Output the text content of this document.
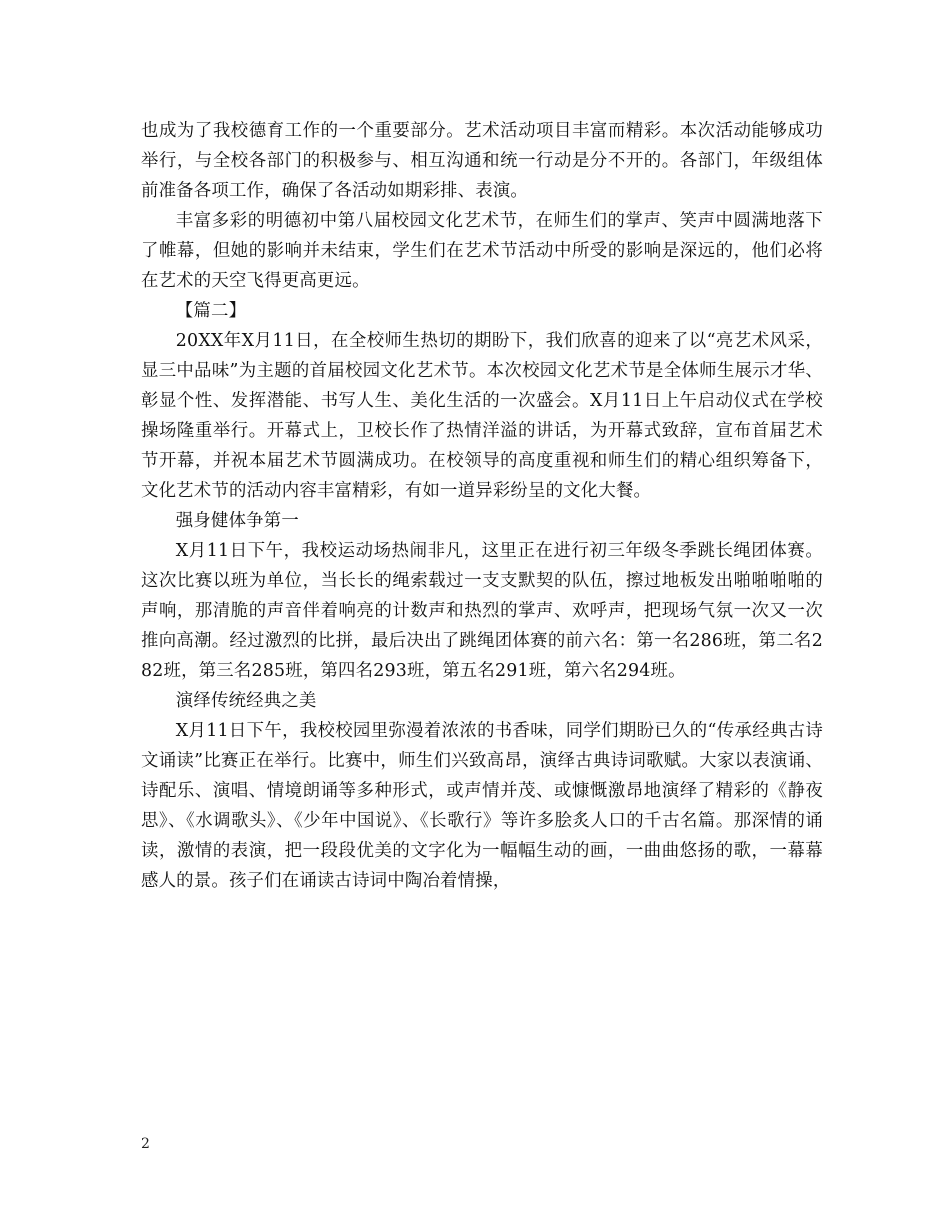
也成为了我校德育工作的一个重要部分。艺术活动项目丰富而精彩。本次活动能够成功举行，与全校各部门的积极参与、相互沟通和统一行动是分不开的。各部门，年级组体前准备各项工作，确保了各活动如期彩排、表演。

丰富多彩的明德初中第八届校园文化艺术节，在师生们的掌声、笑声中圆满地落下了帷幕，但她的影响并未结束，学生们在艺术节活动中所受的影响是深远的，他们必将在艺术的天空飞得更高更远。

【篇二】

20XX年X月11日，在全校师生热切的期盼下，我们欣喜的迎来了以“亮艺术风采，显三中品味”为主题的首届校园文化艺术节。本次校园文化艺术节是全体师生展示才华、彰显个性、发挥潜能、书写人生、美化生活的一次盛会。X月11日上午启动仪式在学校操场隆重举行。开幕式上，卫校长作了热情洋溢的讲话，为开幕式致辞，宣布首届艺术节开幕，并祝本届艺术节圆满成功。在校领导的高度重视和师生们的精心组织筹备下，文化艺术节的活动内容丰富精彩，有如一道异彩纷呈的文化大餐。

强身健体争第一

X月11日下午，我校运动场热闹非凡，这里正在进行初三年级冬季跳长绳团体赛。这次比赛以班为单位，当长长的绳索载过一支支默契的队伍，擦过地板发出啪啪啪啪的声响，那清脆的声音伴着响亮的计数声和热烈的掌声、欢呼声，把现场气氛一次又一次推向高潮。经过激烈的比拼，最后决出了跳绳团体赛的前六名：第一名286班，第二名282班，第三名285班，第四名293班，第五名291班，第六名294班。

演绎传统经典之美

X月11日下午，我校校园里弥漫着浓浓的书香味，同学们期盼已久的“传承经典古诗文诵读”比赛正在举行。比赛中，师生们兴致高昂，演绎古典诗词歌赋。大家以表演诵、诗配乐、演唱、情境朗诵等多种形式，或声情并茂、或慷慨激昂地演绎了精彩的《静夜思》、《水调歌头》、《少年中国说》、《长歌行》等许多脍炙人口的千古名篇。那深情的诵读，激情的表演，把一段段优美的文字化为一幅幅生动的画，一曲曲悠扬的歌，一幕幕感人的景。孩子们在诵读古诗词中陶冶着情操，

2
